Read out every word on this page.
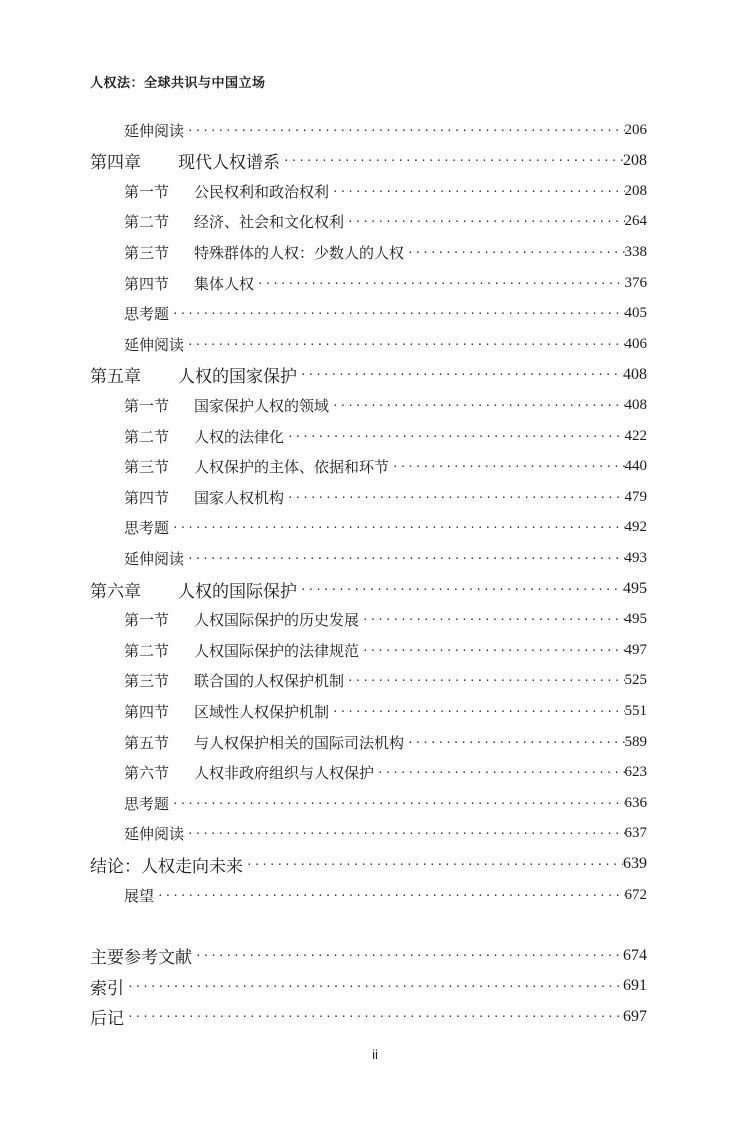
人权法：全球共识与中国立场
延伸阅读 ·····	206
第四章 现代人权谱系 ·····	208
第一节 公民权利和政治权利 ·····	208
第二节 经济、社会和文化权利 ·····	264
第三节 特殊群体的人权：少数人的人权 ·····	338
第四节 集体人权 ·····	376
思考题 ·····	405
延伸阅读 ·····	406
第五章 人权的国家保护 ·····	408
第一节 国家保护人权的领域 ·····	408
第二节 人权的法律化 ·····	422
第三节 人权保护的主体、依据和环节 ·····	440
第四节 国家人权机构 ·····	479
思考题 ·····	492
延伸阅读 ·····	493
第六章 人权的国际保护 ·····	495
第一节 人权国际保护的历史发展 ·····	495
第二节 人权国际保护的法律规范 ·····	497
第三节 联合国的人权保护机制 ·····	525
第四节 区域性人权保护机制 ·····	551
第五节 与人权保护相关的国际司法机构 ·····	589
第六节 人权非政府组织与人权保护 ·····	623
思考题 ·····	636
延伸阅读 ·····	637
结论：人权走向未来 ·····	639
展望 ·····	672
主要参考文献 ·····	674
索引 ·····	691
后记 ·····	697
ii
